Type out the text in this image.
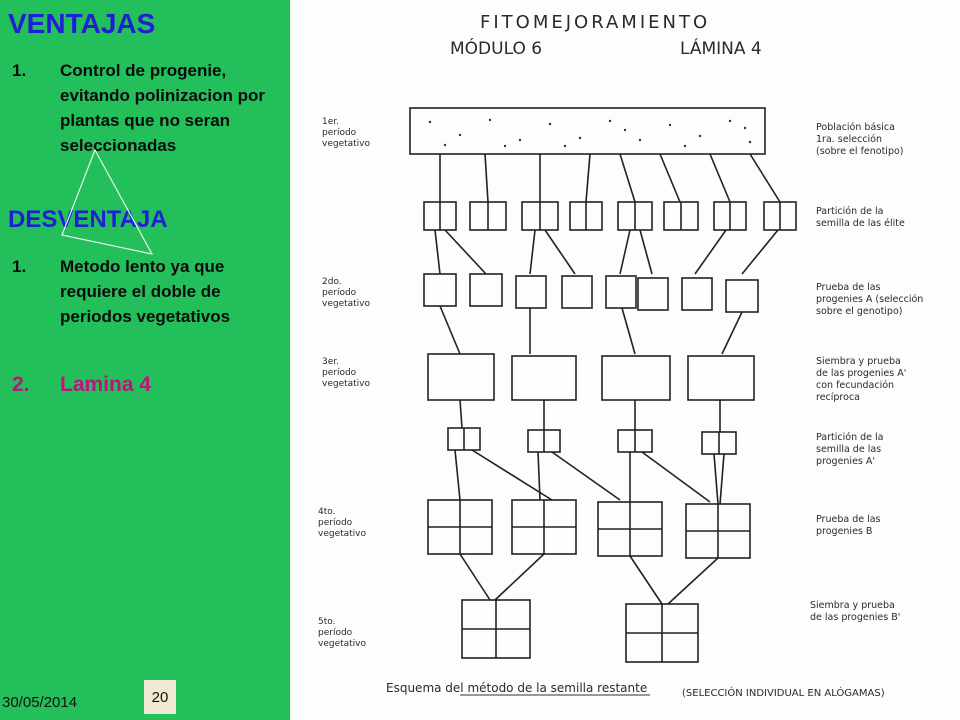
VENTAJAS
1.	Control de progenie, evitando polinizacion por plantas que no seran seleccionadas
DESVENTAJA
1.	Metodo lento ya que requiere el doble de periodos vegetativos
2.	Lamina 4
30/05/2014	20
FITOMEJORAMIENTO
MÓDULO 6	LÁMINA 4
1er. período vegetativo
2do. período vegetativo
3er. período vegetativo
4to. período vegetativo
5to. período vegetativo
Población básica 1ra. selección (sobre el fenotipo)
Partición de la semilla de las élite
Prueba de las progenies A (selección sobre el genotipo)
Siembra y prueba de las progenies A' con fecundación recíproca
Partición de la semilla de las progenies A'
Prueba de las progenies B
Siembra y prueba de las progenies B'
Esquema del método de la semilla restante	(SELECCIÓN INDIVIDUAL EN ALÓGAMAS)
